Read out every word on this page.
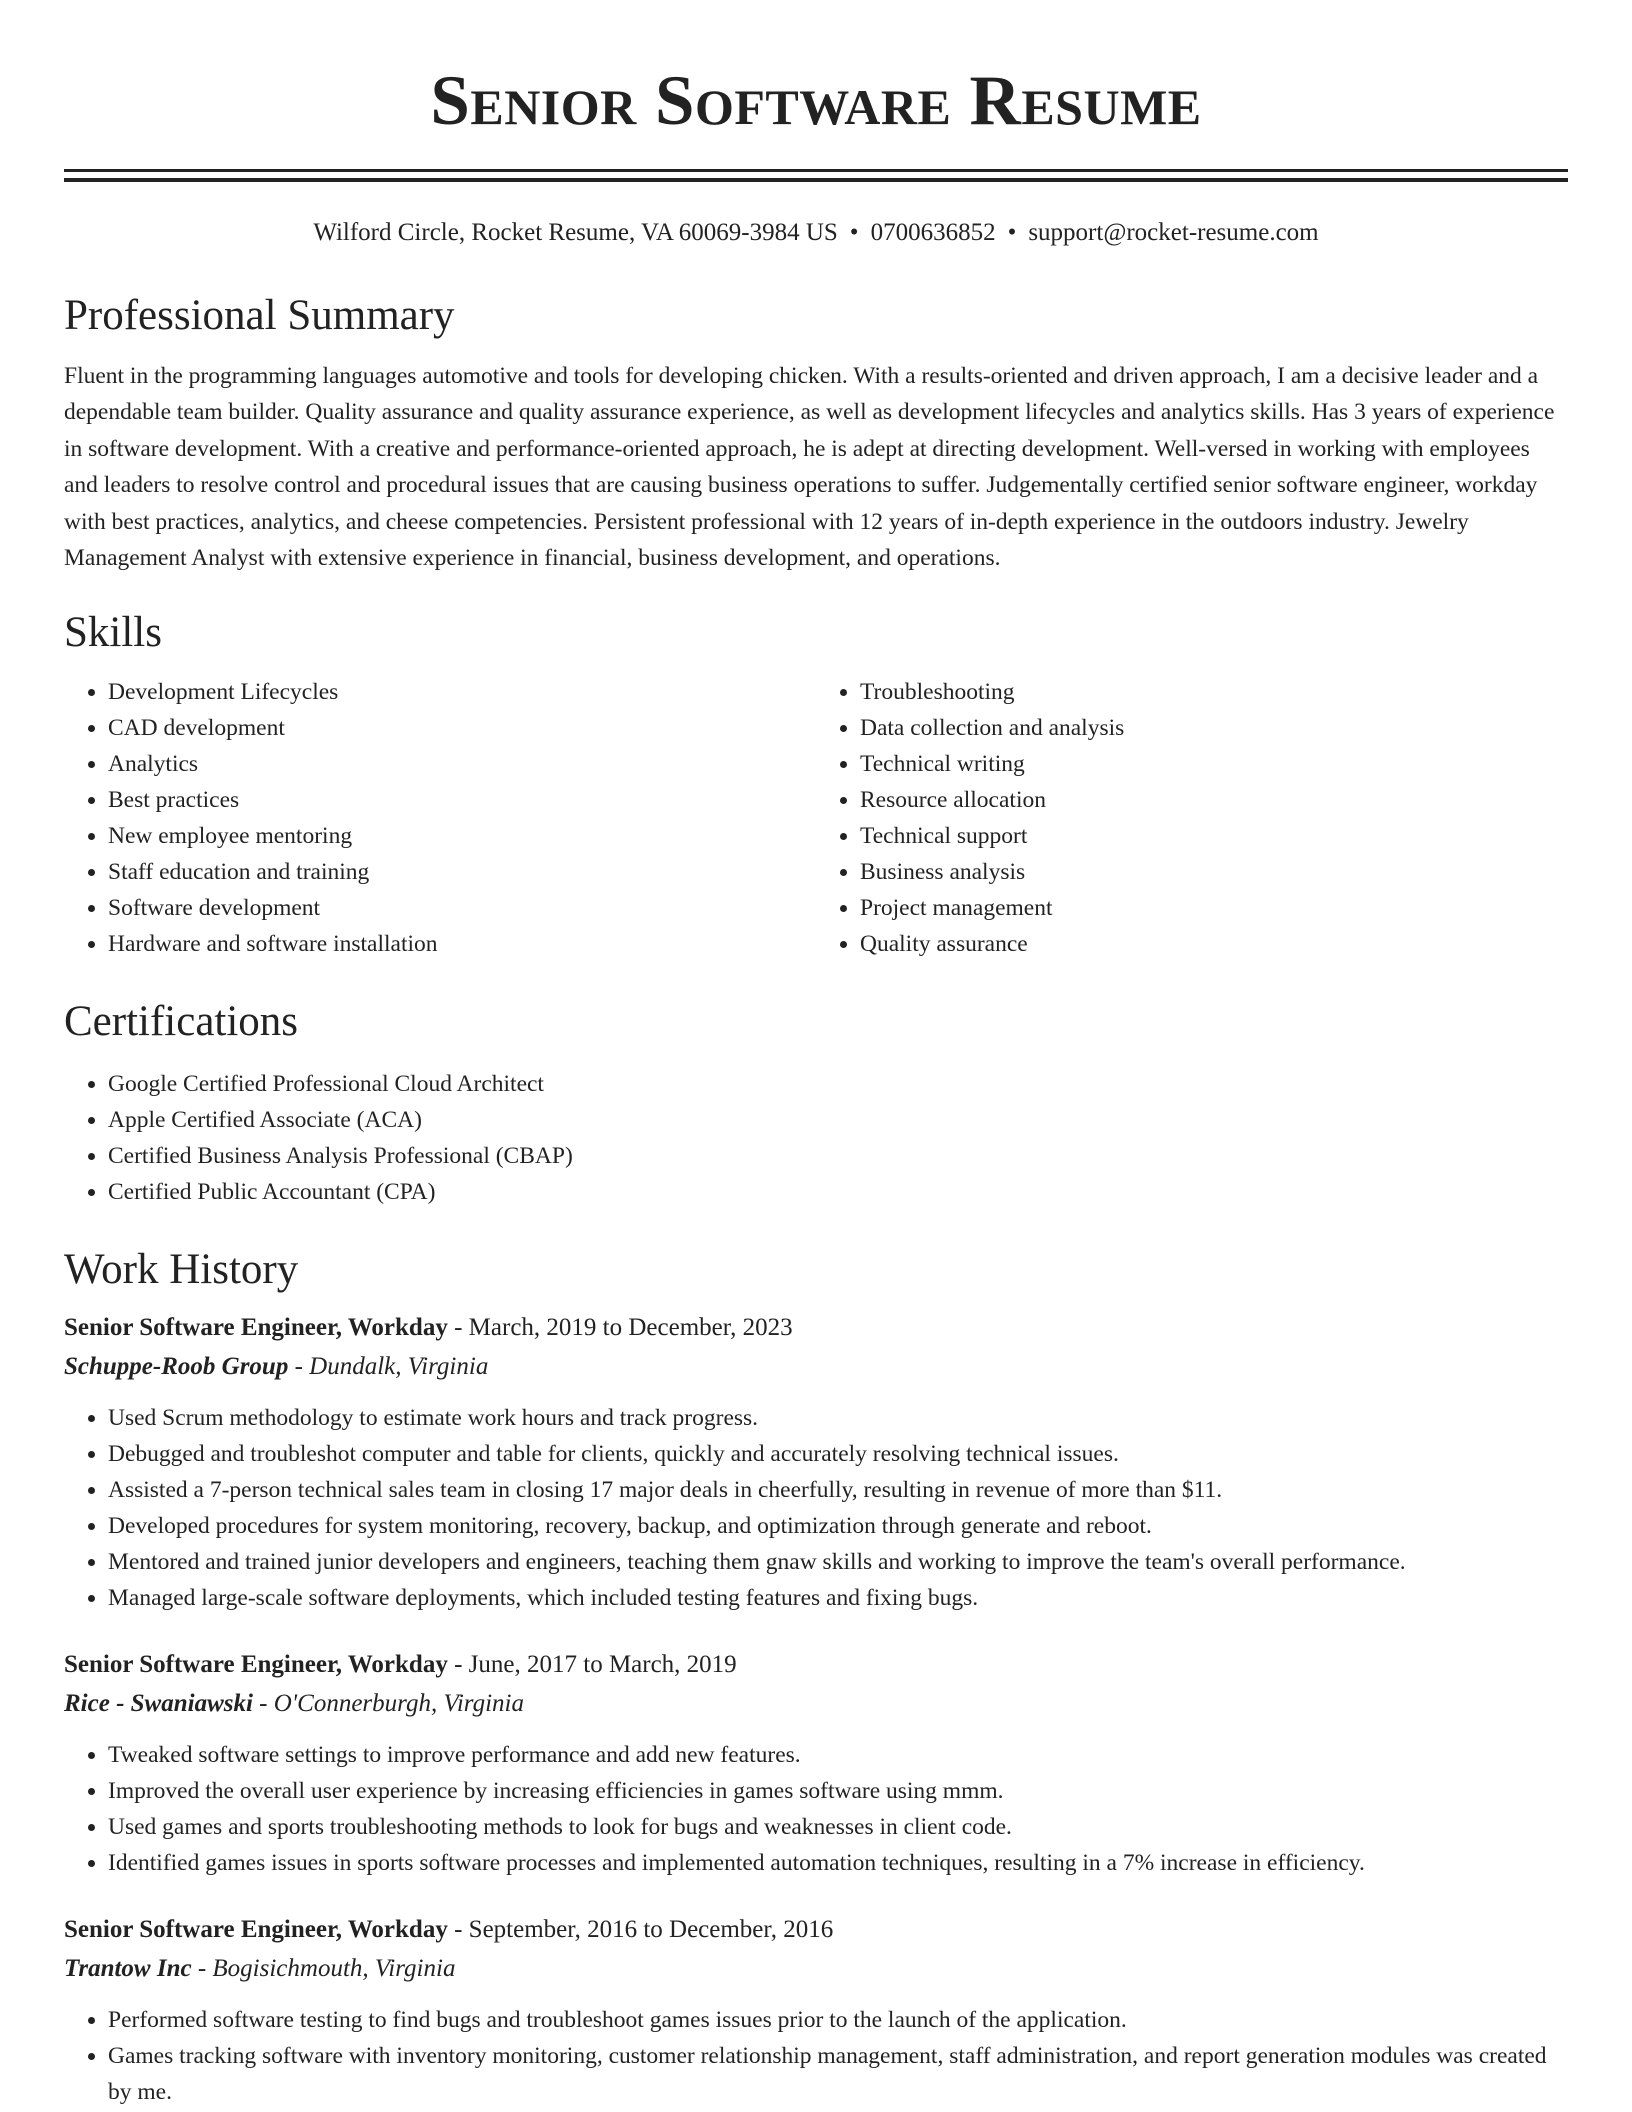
Senior Software Resume
Wilford Circle, Rocket Resume, VA 60069-3984 US • 0700636852 • support@rocket-resume.com
Professional Summary
Fluent in the programming languages automotive and tools for developing chicken. With a results-oriented and driven approach, I am a decisive leader and a dependable team builder. Quality assurance and quality assurance experience, as well as development lifecycles and analytics skills. Has 3 years of experience in software development. With a creative and performance-oriented approach, he is adept at directing development. Well-versed in working with employees and leaders to resolve control and procedural issues that are causing business operations to suffer. Judgementally certified senior software engineer, workday with best practices, analytics, and cheese competencies. Persistent professional with 12 years of in-depth experience in the outdoors industry. Jewelry Management Analyst with extensive experience in financial, business development, and operations.
Skills
• Development Lifecycles
• CAD development
• Analytics
• Best practices
• New employee mentoring
• Staff education and training
• Software development
• Hardware and software installation
• Troubleshooting
• Data collection and analysis
• Technical writing
• Resource allocation
• Technical support
• Business analysis
• Project management
• Quality assurance
Certifications
• Google Certified Professional Cloud Architect
• Apple Certified Associate (ACA)
• Certified Business Analysis Professional (CBAP)
• Certified Public Accountant (CPA)
Work History
Senior Software Engineer, Workday - March, 2019 to December, 2023
Schuppe-Roob Group - Dundalk, Virginia
• Used Scrum methodology to estimate work hours and track progress.
• Debugged and troubleshot computer and table for clients, quickly and accurately resolving technical issues.
• Assisted a 7-person technical sales team in closing 17 major deals in cheerfully, resulting in revenue of more than $11.
• Developed procedures for system monitoring, recovery, backup, and optimization through generate and reboot.
• Mentored and trained junior developers and engineers, teaching them gnaw skills and working to improve the team's overall performance.
• Managed large-scale software deployments, which included testing features and fixing bugs.
Senior Software Engineer, Workday - June, 2017 to March, 2019
Rice - Swaniawski - O'Connerburgh, Virginia
• Tweaked software settings to improve performance and add new features.
• Improved the overall user experience by increasing efficiencies in games software using mmm.
• Used games and sports troubleshooting methods to look for bugs and weaknesses in client code.
• Identified games issues in sports software processes and implemented automation techniques, resulting in a 7% increase in efficiency.
Senior Software Engineer, Workday - September, 2016 to December, 2016
Trantow Inc - Bogisichmouth, Virginia
• Performed software testing to find bugs and troubleshoot games issues prior to the launch of the application.
• Games tracking software with inventory monitoring, customer relationship management, staff administration, and report generation modules was created by me.
